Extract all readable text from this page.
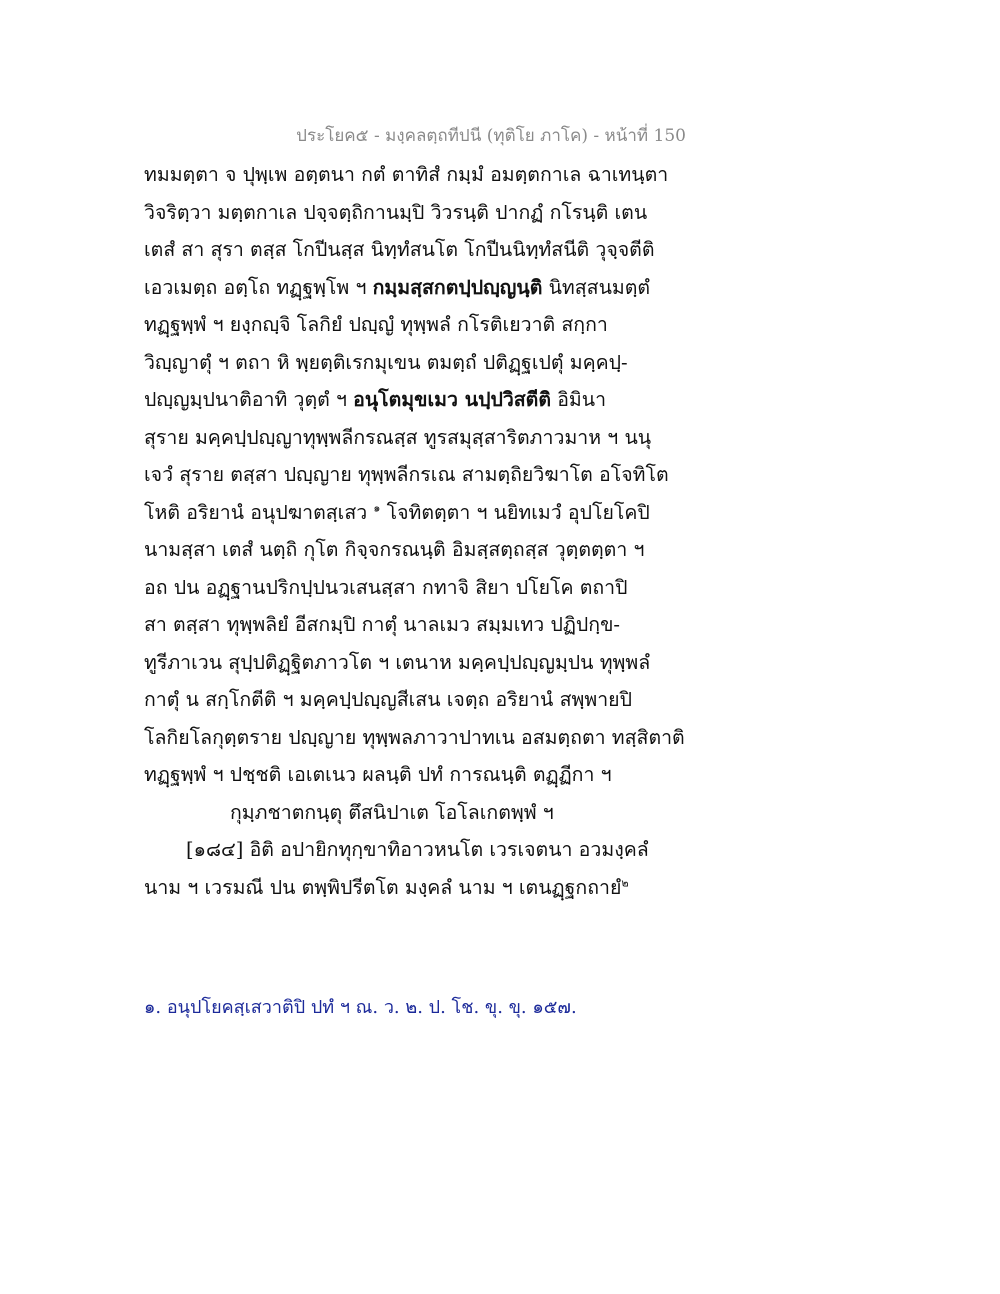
ประโยค๕ - มงฺคลตฺถทีปนี (ทุติโย ภาโค) - หน้าที่ 150
ทมมตฺตา จ ปุพฺเพ อตฺตนา กตํ ตาทิสํ กมฺมํ อมตฺตกาเล ฉาเทนฺตา
วิจริตฺวา มตฺตกาเล ปจฺจตฺถิกานมฺปิ วิวรนฺติ ปากฏํ กโรนฺติ เตน
เตสํ สา สุรา ตสฺส โกปีนสฺส นิทฺทํสนโต โกปีนนิทฺทํสนีติ วุจฺจตีติ
เอวเมตฺถ อตฺโถ ทฏฺฐพฺโพ ฯ กมฺมสฺสกตปฺปญฺญนฺติ นิทสฺสนมตฺตํ
ทฏฺฐพฺพํ ฯ ยงฺกญฺจิ โลกิยํ ปญฺญํ ทุพฺพลํ กโรติเยวาติ สกฺกา
วิญฺญาตุํ ฯ ตถา หิ พฺยตฺติเรกมุเขน ตมตฺถํ ปติฏฺฐเปตุํ มคฺคปฺ-
ปญฺญมฺปนาติอาทิ วุตฺตํ ฯ อนุโตมุขเมว นปฺปวิสตีติ อิมินา
สุราย มคฺคปฺปญฺญาทุพฺพลีกรณสฺส ทูรสมุสฺสาริตภาวมาห ฯ นนุ
เจวํ สุราย ตสฺสา ปญฺญาย ทุพฺพลีกรเณ สามตฺถิยวิฆาโต อโจทิโต
โหติ อริยานํ อนุปฆาตสฺเสว $^๑$ โจทิตตฺตา ฯ นยิทเมวํ อุปโยโคปิ
นามสฺสา เตสํ นตฺถิ กุโต กิจฺจกรณนฺติ อิมสฺสตฺถสฺส วุตฺตตฺตา ฯ
อถ ปน อฏฺฐานปริกปฺปนวเสนสฺสา กทาจิ สิยา ปโยโค ตถาปิ
สา ตสฺสา ทุพฺพลิยํ อีสกมฺปิ กาตุํ นาลเมว สมฺมเทว ปฏิปกฺข-
ทูรีภาเวน สุปฺปติฏฺฐิตภาวโต ฯ เตนาห มคฺคปฺปญฺญมฺปน ทุพฺพลํ
กาตุํ น สกฺโกตีติ ฯ มคฺคปฺปญฺญสีเสน เจตฺถ อริยานํ สพฺพายปิ
โลกิยโลกุตฺตราย ปญฺญาย ทุพฺพลภาวาปาทเน อสมตฺถตา ทสฺสิตาติ
ทฏฺฐพฺพํ ฯ ปชฺชติ เอเตเนว ผลนฺติ ปทํ การณนฺติ ตฏฺฏีกา ฯ
กุมฺภชาตกนฺตุ ตึสนิปาเต โอโลเกตพฺพํ ฯ
[๑๘๔] อิติ อปายิกทุกฺขาทิอาวหนโต เวรเจตนา อวมงฺคลํ
นาม ฯ เวรมณี ปน ตพฺพิปรีตโต มงฺคลํ นาม ฯ เตนฏฺฐกถายํ$^๒$
๑. อนุปโยคสฺเสวาติปิ ปทํ ฯ ณ. ว. ๒. ป. โช. ขุ. ขุ. ๑๕๗.
